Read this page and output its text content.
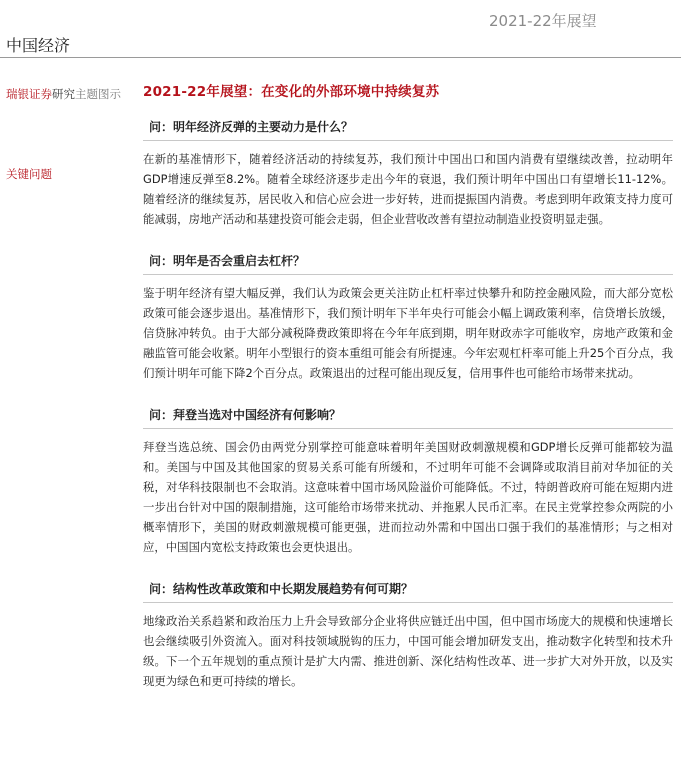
2021-22年展望
中国经济
瑞银证券研究主题图示
关键问题
2021-22年展望：在变化的外部环境中持续复苏
问：明年经济反弹的主要动力是什么？

在新的基准情形下，随着经济活动的持续复苏，我们预计中国出口和国内消费有望继续改善，拉动明年GDP增速反弹至8.2%。随着全球经济逐步走出今年的衰退，我们预计明年中国出口有望增长11-12%。随着经济的继续复苏，居民收入和信心应会进一步好转，进而提振国内消费。考虑到明年政策支持力度可能减弱，房地产活动和基建投资可能会走弱，但企业营收改善有望拉动制造业投资明显走强。

问：明年是否会重启去杠杆？

鉴于明年经济有望大幅反弹，我们认为政策会更关注防止杠杆率过快攀升和防控金融风险，而大部分宽松政策可能会逐步退出。基准情形下，我们预计明年下半年央行可能会小幅上调政策利率，信贷增长放缓，信贷脉冲转负。由于大部分减税降费政策即将在今年年底到期，明年财政赤字可能收窄，房地产政策和金融监管可能会收紧。明年小型银行的资本重组可能会有所提速。今年宏观杠杆率可能上升25个百分点，我们预计明年可能下降2个百分点。政策退出的过程可能出现反复，信用事件也可能给市场带来扰动。

问：拜登当选对中国经济有何影响？

拜登当选总统、国会仍由两党分别掌控可能意味着明年美国财政刺激规模和GDP增长反弹可能都较为温和。美国与中国及其他国家的贸易关系可能有所缓和，不过明年可能不会调降或取消目前对华加征的关税，对华科技限制也不会取消。这意味着中国市场风险溢价可能降低。不过，特朗普政府可能在短期内进一步出台针对中国的限制措施，这可能给市场带来扰动、并拖累人民币汇率。在民主党掌控参众两院的小概率情形下，美国的财政刺激规模可能更强，进而拉动外需和中国出口强于我们的基准情形；与之相对应，中国国内宽松支持政策也会更快退出。

问：结构性改革政策和中长期发展趋势有何可期？

地缘政治关系趋紧和政治压力上升会导致部分企业将供应链迁出中国，但中国市场庞大的规模和快速增长也会继续吸引外资流入。面对科技领域脱钩的压力，中国可能会增加研发支出，推动数字化转型和技术升级。下一个五年规划的重点预计是扩大内需、推进创新、深化结构性改革、进一步扩大对外开放，以及实现更为绿色和更可持续的增长。
